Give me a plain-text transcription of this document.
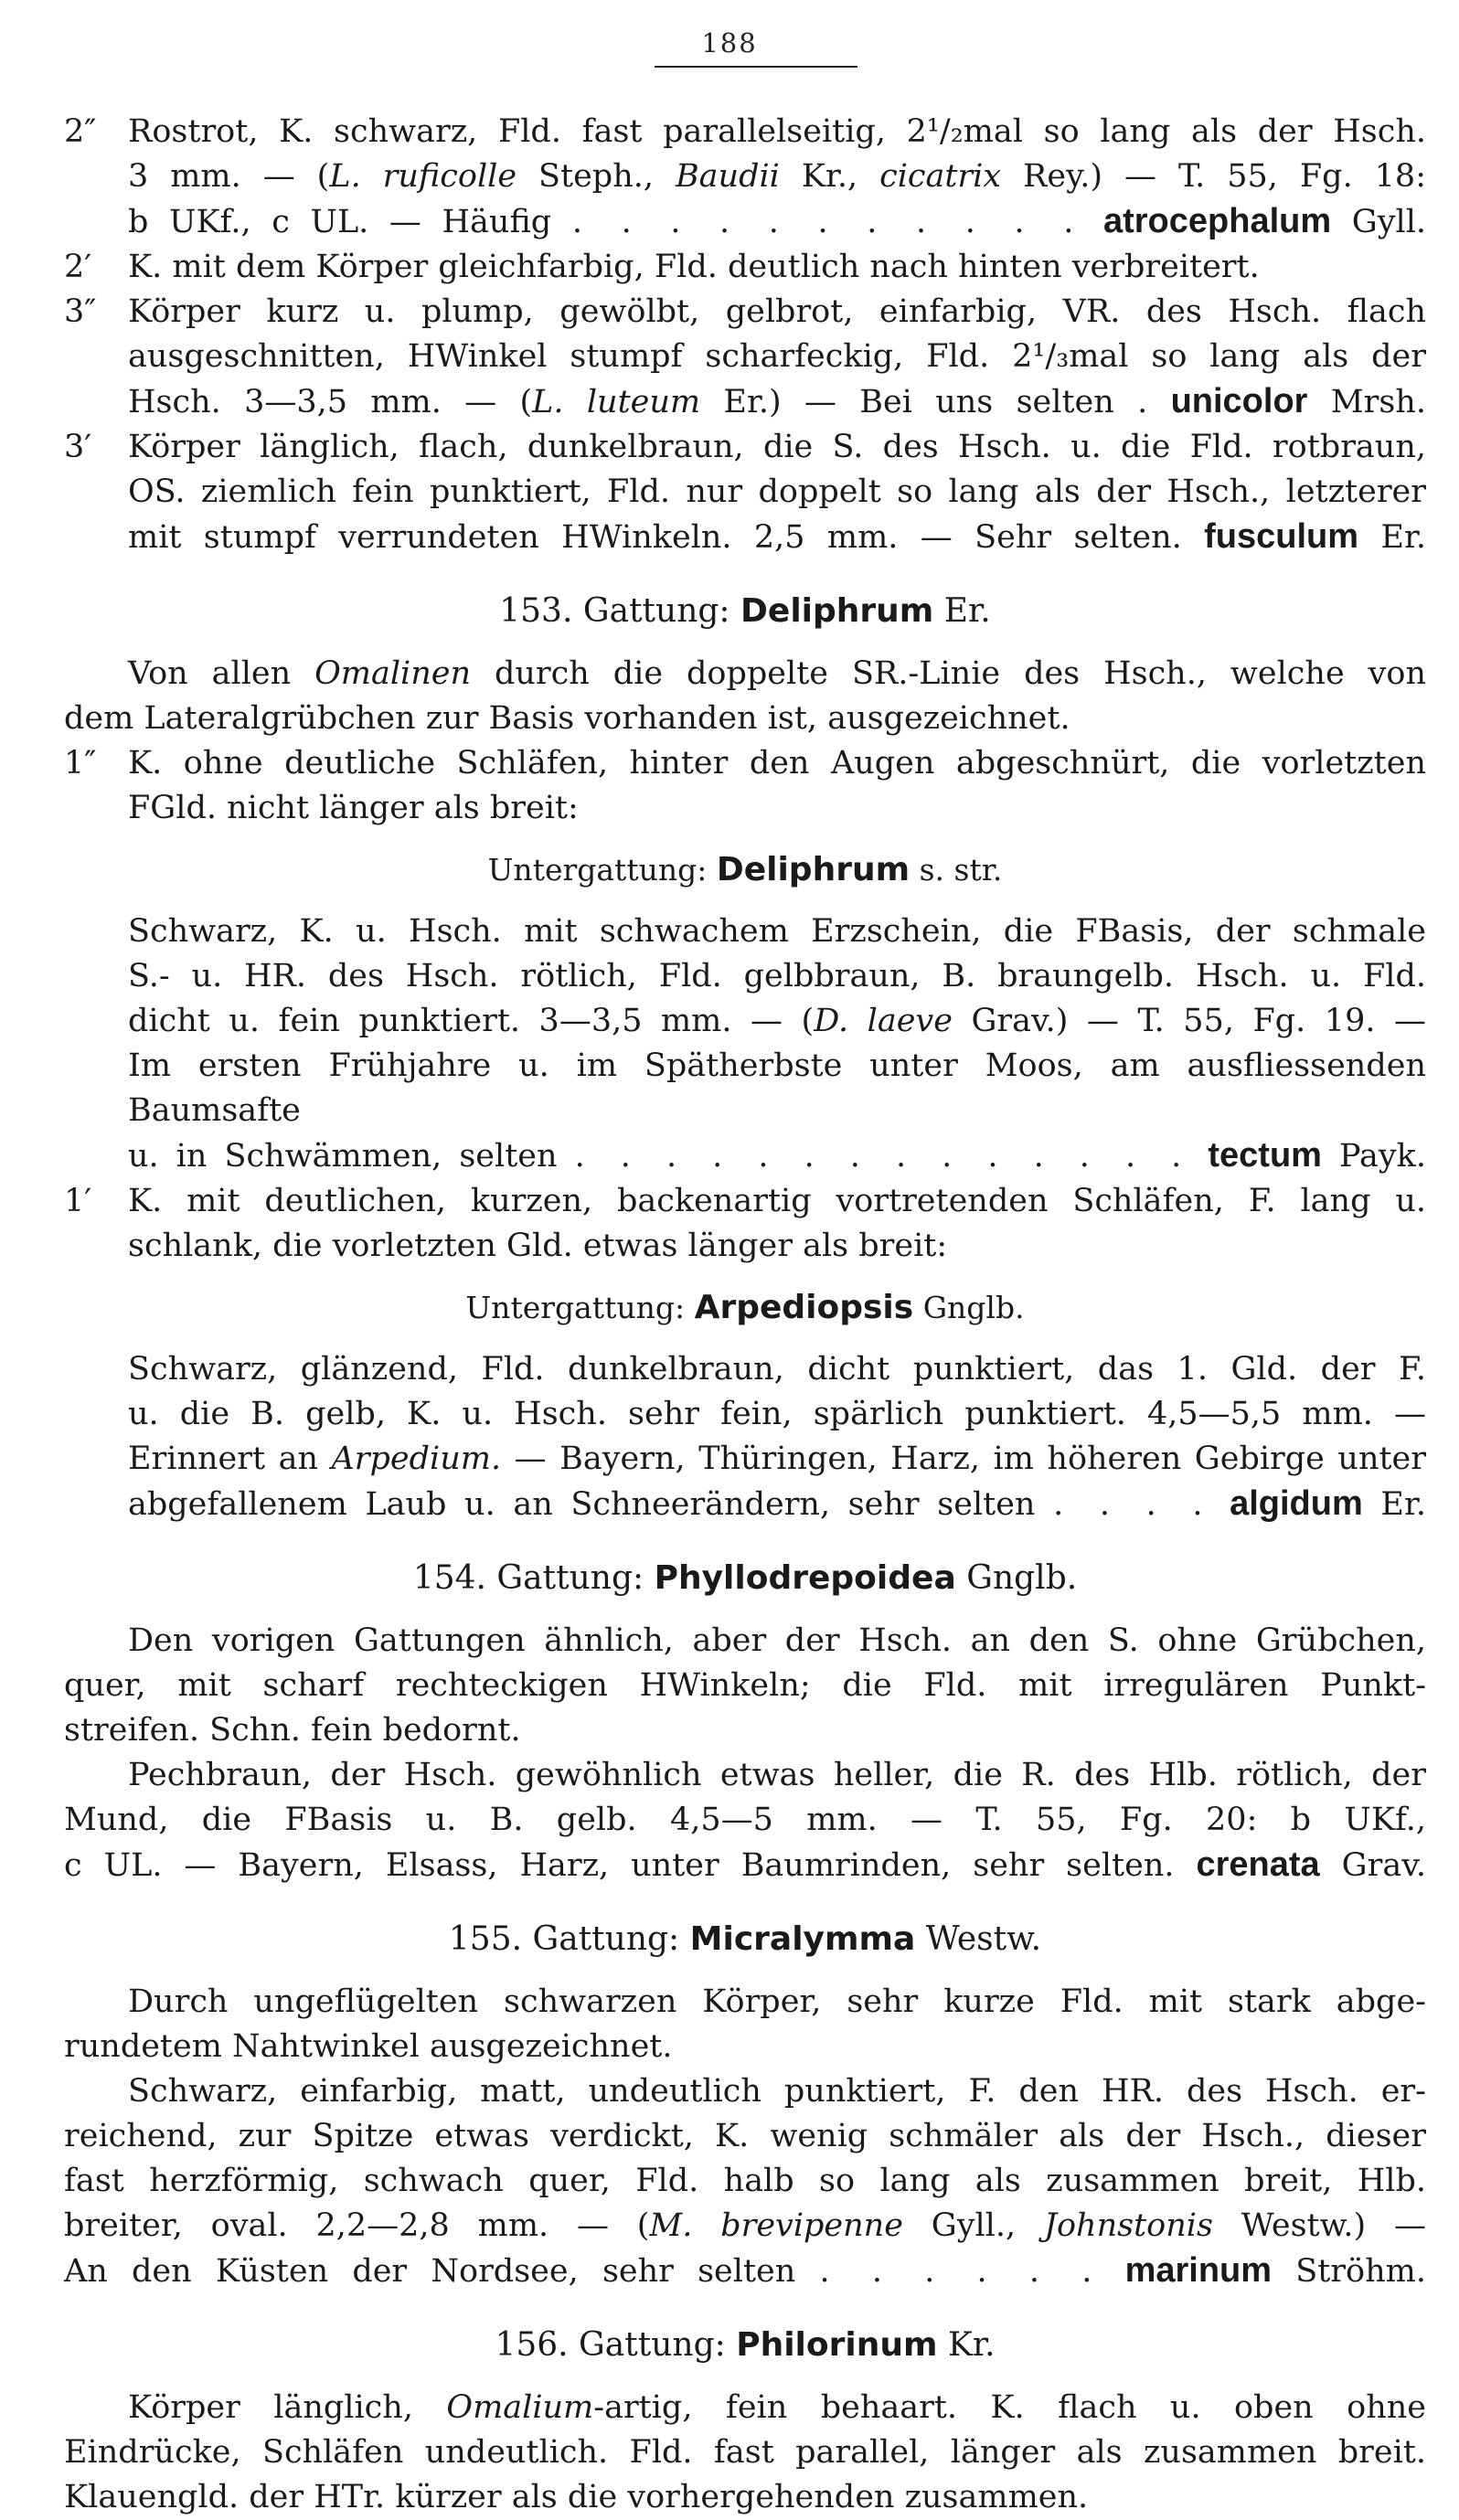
188

2″ Rostrot, K. schwarz, Fld. fast parallelseitig, 2¹/₂mal so lang als der Hsch.

3 mm. — (L. ruficolle Steph., Baudii Kr., cicatrix Rey.) — T. 55, Fg. 18:

b UKf., c UL. — Häufig . . . . . . . . . . . atrocephalum Gyll.

2′ K. mit dem Körper gleichfarbig, Fld. deutlich nach hinten verbreitert.

3″ Körper kurz u. plump, gewölbt, gelbrot, einfarbig, VR. des Hsch. flach

ausgeschnitten, HWinkel stumpf scharfeckig, Fld. 2¹/₃mal so lang als der

Hsch. 3—3,5 mm. — (L. luteum Er.) — Bei uns selten . unicolor Mrsh.

3′ Körper länglich, flach, dunkelbraun, die S. des Hsch. u. die Fld. rotbraun,

OS. ziemlich fein punktiert, Fld. nur doppelt so lang als der Hsch., letzterer

mit stumpf verrundeten HWinkeln. 2,5 mm. — Sehr selten. fusculum Er.

153. Gattung: Deliphrum Er.

Von allen Omalinen durch die doppelte SR.-Linie des Hsch., welche von

dem Lateralgrübchen zur Basis vorhanden ist, ausgezeichnet.

1″ K. ohne deutliche Schläfen, hinter den Augen abgeschnürt, die vorletzten

FGld. nicht länger als breit:

Untergattung: Deliphrum s. str.

Schwarz, K. u. Hsch. mit schwachem Erzschein, die FBasis, der schmale

S.- u. HR. des Hsch. rötlich, Fld. gelbbraun, B. braungelb. Hsch. u. Fld.

dicht u. fein punktiert. 3—3,5 mm. — (D. laeve Grav.) — T. 55, Fg. 19. —

Im ersten Frühjahre u. im Spätherbste unter Moos, am ausfliessenden Baumsafte

u. in Schwämmen, selten . . . . . . . . . . . . . . tectum Payk.

1′ K. mit deutlichen, kurzen, backenartig vortretenden Schläfen, F. lang u.

schlank, die vorletzten Gld. etwas länger als breit:

Untergattung: Arpediopsis Gnglb.

Schwarz, glänzend, Fld. dunkelbraun, dicht punktiert, das 1. Gld. der F.

u. die B. gelb, K. u. Hsch. sehr fein, spärlich punktiert. 4,5—5,5 mm. —

Erinnert an Arpedium. — Bayern, Thüringen, Harz, im höheren Gebirge unter

abgefallenem Laub u. an Schneerändern, sehr selten . . . . algidum Er.

154. Gattung: Phyllodrepoidea Gnglb.

Den vorigen Gattungen ähnlich, aber der Hsch. an den S. ohne Grübchen,

quer, mit scharf rechteckigen HWinkeln; die Fld. mit irregulären Punkt-

streifen. Schn. fein bedornt.

Pechbraun, der Hsch. gewöhnlich etwas heller, die R. des Hlb. rötlich, der

Mund, die FBasis u. B. gelb. 4,5—5 mm. — T. 55, Fg. 20: b UKf.,

c UL. — Bayern, Elsass, Harz, unter Baumrinden, sehr selten. crenata Grav.

155. Gattung: Micralymma Westw.

Durch ungeflügelten schwarzen Körper, sehr kurze Fld. mit stark abge-

rundetem Nahtwinkel ausgezeichnet.

Schwarz, einfarbig, matt, undeutlich punktiert, F. den HR. des Hsch. er-

reichend, zur Spitze etwas verdickt, K. wenig schmäler als der Hsch., dieser

fast herzförmig, schwach quer, Fld. halb so lang als zusammen breit, Hlb.

breiter, oval. 2,2—2,8 mm. — (M. brevipenne Gyll., Johnstonis Westw.) —

An den Küsten der Nordsee, sehr selten . . . . . . marinum Ströhm.

156. Gattung: Philorinum Kr.

Körper länglich, Omalium-artig, fein behaart. K. flach u. oben ohne

Eindrücke, Schläfen undeutlich. Fld. fast parallel, länger als zusammen breit.

Klauengld. der HTr. kürzer als die vorhergehenden zusammen.
